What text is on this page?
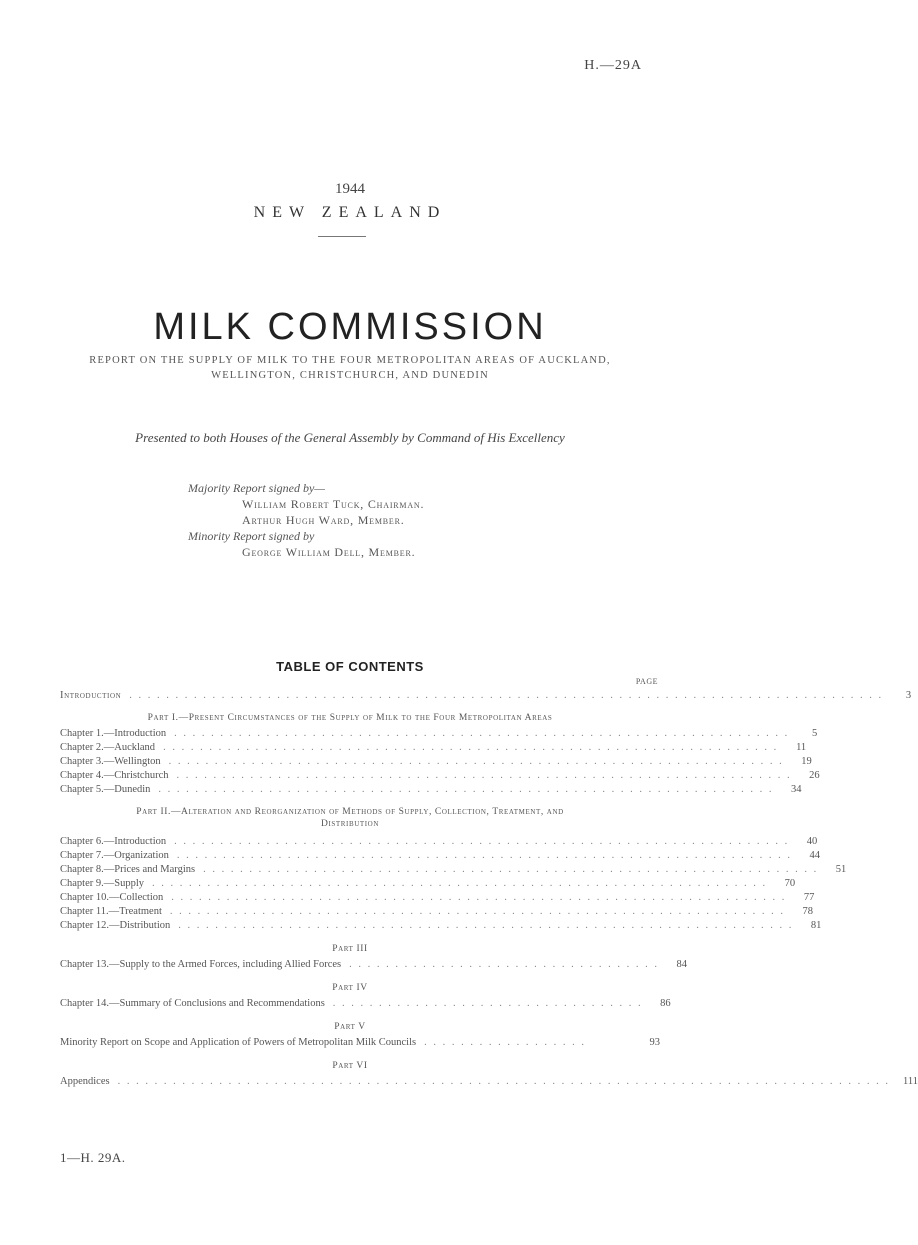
H.—29A
1944
NEW ZEALAND
MILK COMMISSION
REPORT ON THE SUPPLY OF MILK TO THE FOUR METROPOLITAN AREAS OF AUCKLAND,
WELLINGTON, CHRISTCHURCH, AND DUNEDIN
Presented to both Houses of the General Assembly by Command of His Excellency
Majority Report signed by—
William Robert Tuck, Chairman.
Arthur Hugh Ward, Member.
Minority Report signed by
George William Dell, Member.
TABLE OF CONTENTS
PAGE
Introduction . . . . . . . . . . . . . . . . . . . . . . . . . . . . . . . . . . . . . . . . . . . . . . . . . . . . . . . . . . . . . . . . . . . . . . . . . . . . . . . . . .	3
Part I.—Present Circumstances of the Supply of Milk to the Four Metropolitan Areas
Chapter 1.—Introduction . . . . . . . . . . . . . . . . . . . . . . . . . . . . . . . . . . . . . . . . . . . . . . . . . . . . . . . . . . . . . . . . . . .	5
Chapter 2.—Auckland . . . . . . . . . . . . . . . . . . . . . . . . . . . . . . . . . . . . . . . . . . . . . . . . . . . . . . . . . . . . . . . . . . .	11
Chapter 3.—Wellington . . . . . . . . . . . . . . . . . . . . . . . . . . . . . . . . . . . . . . . . . . . . . . . . . . . . . . . . . . . . . . . . . . .	19
Chapter 4.—Christchurch . . . . . . . . . . . . . . . . . . . . . . . . . . . . . . . . . . . . . . . . . . . . . . . . . . . . . . . . . . . . . . . . . . .	26
Chapter 5.—Dunedin . . . . . . . . . . . . . . . . . . . . . . . . . . . . . . . . . . . . . . . . . . . . . . . . . . . . . . . . . . . . . . . . . . .	34
Part II.—Alteration and Reorganization of Methods of Supply, Collection, Treatment, and
Distribution
Chapter 6.—Introduction . . . . . . . . . . . . . . . . . . . . . . . . . . . . . . . . . . . . . . . . . . . . . . . . . . . . . . . . . . . . . . . . . . .	40
Chapter 7.—Organization . . . . . . . . . . . . . . . . . . . . . . . . . . . . . . . . . . . . . . . . . . . . . . . . . . . . . . . . . . . . . . . . . . .	44
Chapter 8.—Prices and Margins . . . . . . . . . . . . . . . . . . . . . . . . . . . . . . . . . . . . . . . . . . . . . . . . . . . . . . . . . . . . . . . . . . .	51
Chapter 9.—Supply . . . . . . . . . . . . . . . . . . . . . . . . . . . . . . . . . . . . . . . . . . . . . . . . . . . . . . . . . . . . . . . . . . .	70
Chapter 10.—Collection . . . . . . . . . . . . . . . . . . . . . . . . . . . . . . . . . . . . . . . . . . . . . . . . . . . . . . . . . . . . . . . . . . .	77
Chapter 11.—Treatment . . . . . . . . . . . . . . . . . . . . . . . . . . . . . . . . . . . . . . . . . . . . . . . . . . . . . . . . . . . . . . . . . . .	78
Chapter 12.—Distribution . . . . . . . . . . . . . . . . . . . . . . . . . . . . . . . . . . . . . . . . . . . . . . . . . . . . . . . . . . . . . . . . . . .	81
Part III
Chapter 13.—Supply to the Armed Forces, including Allied Forces . . . . . . . . . . . . . . . . . . . . . . . . . . . . . . . . . .	84
Part IV
Chapter 14.—Summary of Conclusions and Recommendations . . . . . . . . . . . . . . . . . . . . . . . . . . . . . . . . . .	86
Part V
Minority Report on Scope and Application of Powers of Metropolitan Milk Councils . . . . . . . . . . . . . . . . . .	93
Part VI
Appendices . . . . . . . . . . . . . . . . . . . . . . . . . . . . . . . . . . . . . . . . . . . . . . . . . . . . . . . . . . . . . . . . . . . . . . . . . . . . . . . . . . . .	111
1—H. 29A.
